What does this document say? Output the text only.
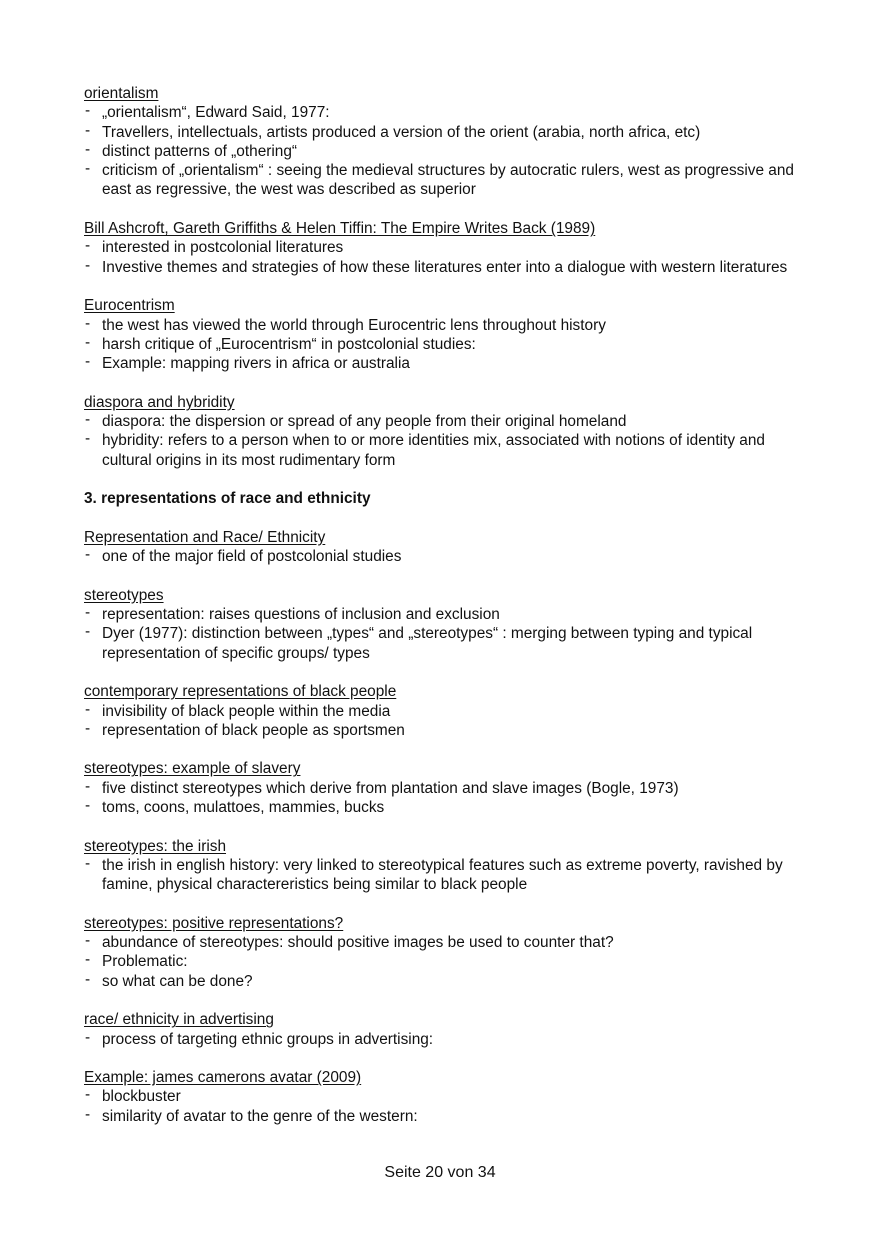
orientalism
- „orientalism“, Edward Said, 1977:
- Travellers, intellectuals, artists produced a version of the orient (arabia, north africa, etc)
- distinct patterns of „othering“
- criticism of „orientalism“ : seeing the medieval structures by autocratic rulers, west as progressive and east as regressive, the west was described as superior
Bill Ashcroft, Gareth Griffiths & Helen Tiffin: The Empire Writes Back (1989)
- interested in postcolonial literatures
- Investive themes and strategies of how these literatures enter into a dialogue with western literatures
Eurocentrism
- the west has viewed the world through Eurocentric lens throughout history
- harsh critique of „Eurocentrism“ in postcolonial studies:
- Example: mapping rivers in africa or australia
diaspora and hybridity
- diaspora: the dispersion or spread of any people from their original homeland
- hybridity: refers to a person when to or more identities mix, associated with notions of identity and cultural origins in its most rudimentary form
3. representations of race and ethnicity
Representation and Race/ Ethnicity
- one of the major field of postcolonial studies
stereotypes
- representation: raises questions of inclusion and exclusion
- Dyer (1977): distinction between „types“ and „stereotypes“ : merging between typing and typical representation of specific groups/ types
contemporary representations of black people
- invisibility of black people within the media
- representation of black people as sportsmen
stereotypes: example of slavery
- five distinct stereotypes which derive from plantation and slave images (Bogle, 1973)
- toms, coons, mulattoes, mammies, bucks
stereotypes: the irish
- the irish in english history: very linked to stereotypical features such as extreme poverty, ravished by famine, physical charactereristics being similar to black people
stereotypes: positive representations?
- abundance of stereotypes: should positive images be used to counter that?
- Problematic:
- so what can be done?
race/ ethnicity in advertising
- process of targeting ethnic groups in advertising:
Example: james camerons avatar (2009)
- blockbuster
- similarity of avatar to the genre of the western:
Seite 20 von 34
